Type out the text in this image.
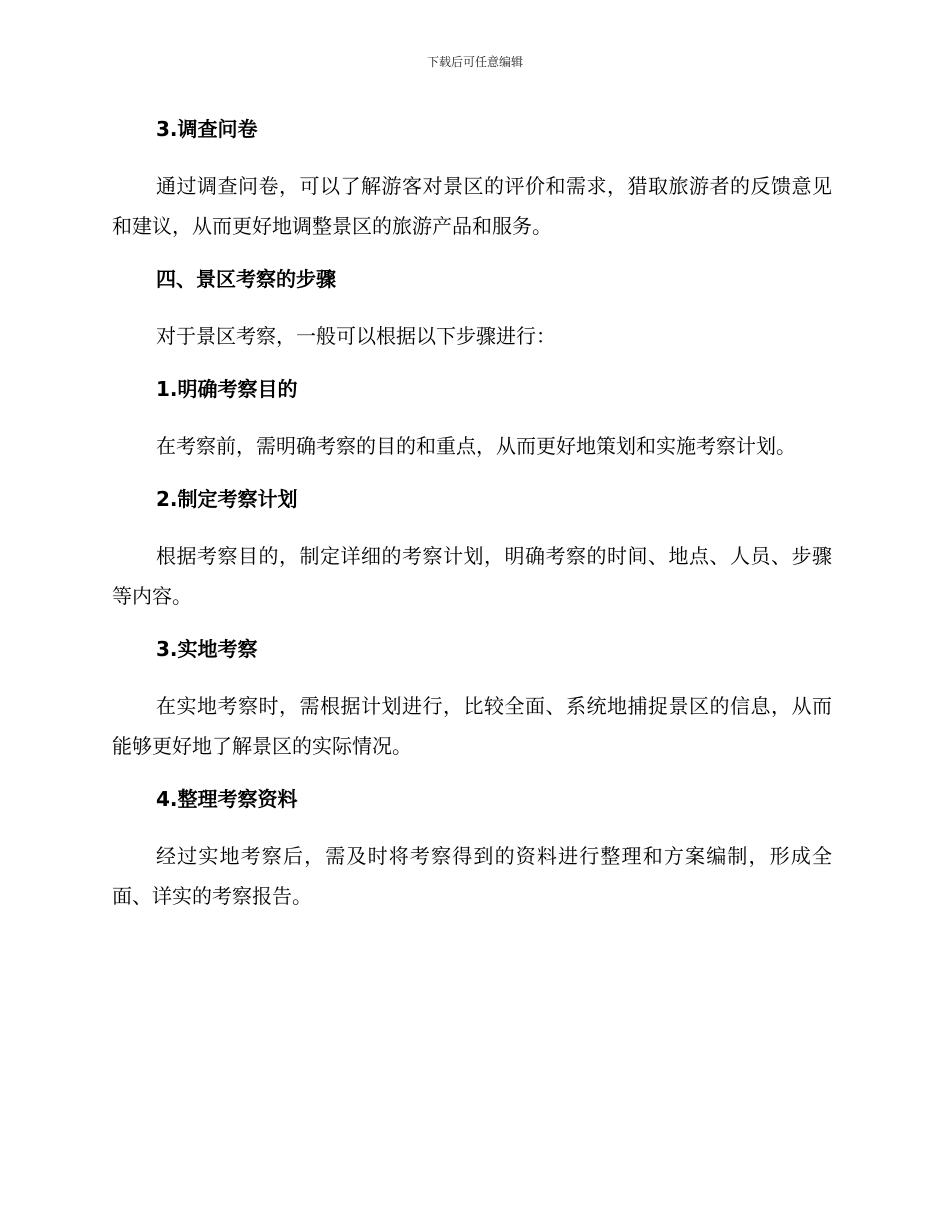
下载后可任意编辑

3.调查问卷

通过调查问卷，可以了解游客对景区的评价和需求，猎取旅游者的反馈意见和建议，从而更好地调整景区的旅游产品和服务。

四、景区考察的步骤

对于景区考察，一般可以根据以下步骤进行：

1.明确考察目的

在考察前，需明确考察的目的和重点，从而更好地策划和实施考察计划。

2.制定考察计划

根据考察目的，制定详细的考察计划，明确考察的时间、地点、人员、步骤等内容。

3.实地考察

在实地考察时，需根据计划进行，比较全面、系统地捕捉景区的信息，从而能够更好地了解景区的实际情况。

4.整理考察资料

经过实地考察后，需及时将考察得到的资料进行整理和方案编制，形成全面、详实的考察报告。
